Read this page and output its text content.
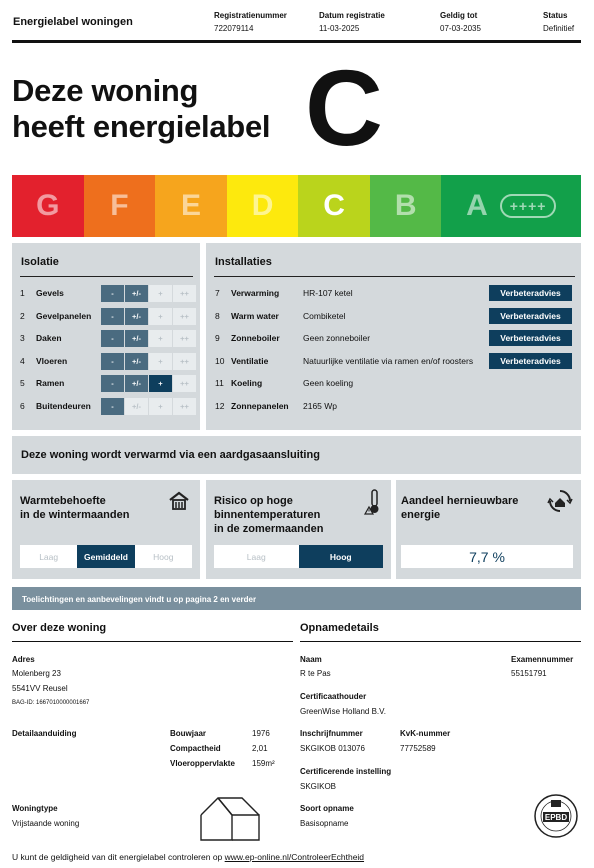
Energielabel woningen
Registratienummer
722079114
Datum registratie
11-03-2025
Geldig tot
07-03-2035
Status
Definitief
Deze woning
heeft energielabel C
G F E D C B A	++++
Isolatie
1	Gevels	-	+/-	+	++
2	Gevelpanelen	-	+/-	+	++
3	Daken	-	+/-	+	++
4	Vloeren	-	+/-	+	++
5	Ramen	-	+/-	+	++
6	Buitendeuren	-	+/-	+	++
Installaties
7	Verwarming	HR-107 ketel	Verbeteradvies
8	Warm water	Combiketel	Verbeteradvies
9	Zonneboiler	Geen zonneboiler	Verbeteradvies
10 Ventilatie	Natuurlijke ventilatie via ramen en/of roosters	Verbeteradvies
11 Koeling	Geen koeling
12 Zonnepanelen	2165 Wp
Deze woning wordt verwarmd via een aardgasaansluiting
Warmtebehoefte
in de wintermaanden
Laag	Gemiddeld	Hoog
Risico op hoge
binnentemperaturen
in de zomermaanden
Laag	Hoog
Aandeel hernieuwbare
energie
7,7 %
Toelichtingen en aanbevelingen vindt u op pagina 2 en verder
Over deze woning
Adres
Molenberg 23
5541VV Reusel
BAG-ID: 1667010000001667
Detailaanduiding	Bouwjaar	1976
Compactheid	2,01
Vloeroppervlakte 159m²
Woningtype
Vrijstaande woning
Opnamedetails
Naam
R te Pas
Examennummer
55151791
Certificaathouder
GreenWise Holland B.V.
Inschrijfnummer
SKGIKOB 013076
KvK-nummer
77752589
Certificerende instelling
SKGIKOB
Soort opname
Basisopname
EPBD
U kunt de geldigheid van dit energielabel controleren op www.ep-online.nl/ControleerEchtheid
